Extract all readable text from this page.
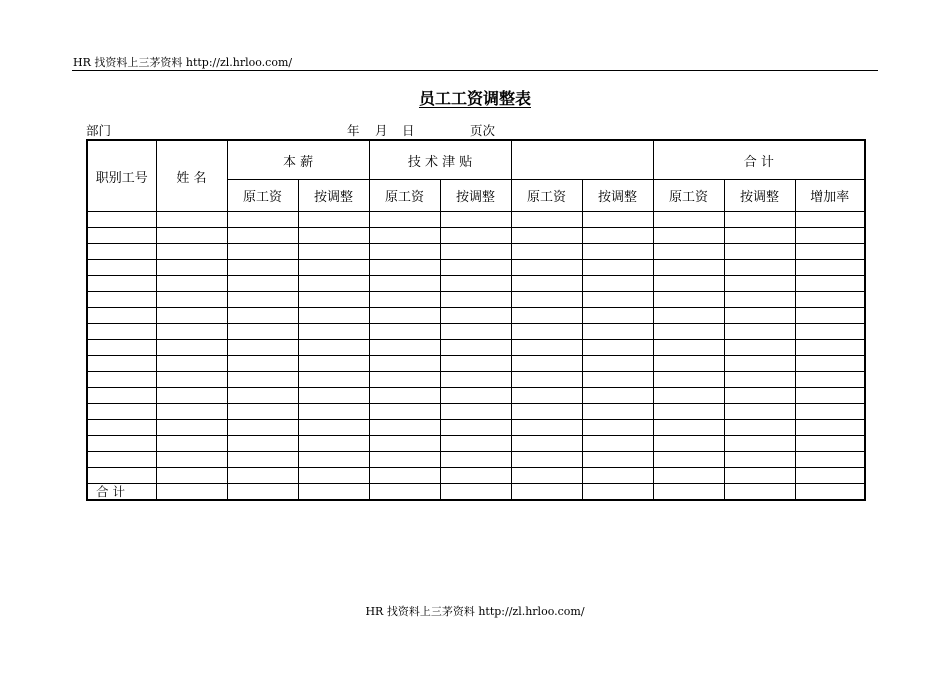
HR 找资料上三茅资料 http://zl.hrloo.com/
员工工资调整表
部门	年 月 日	页次
职别工号	姓 名	本 薪		技 术 津 贴				合 计		
		原工资	按调整	原工资	按调整	原工资	按调整	原工资	按调整	增加率

合 计										
HR 找资料上三茅资料 http://zl.hrloo.com/
